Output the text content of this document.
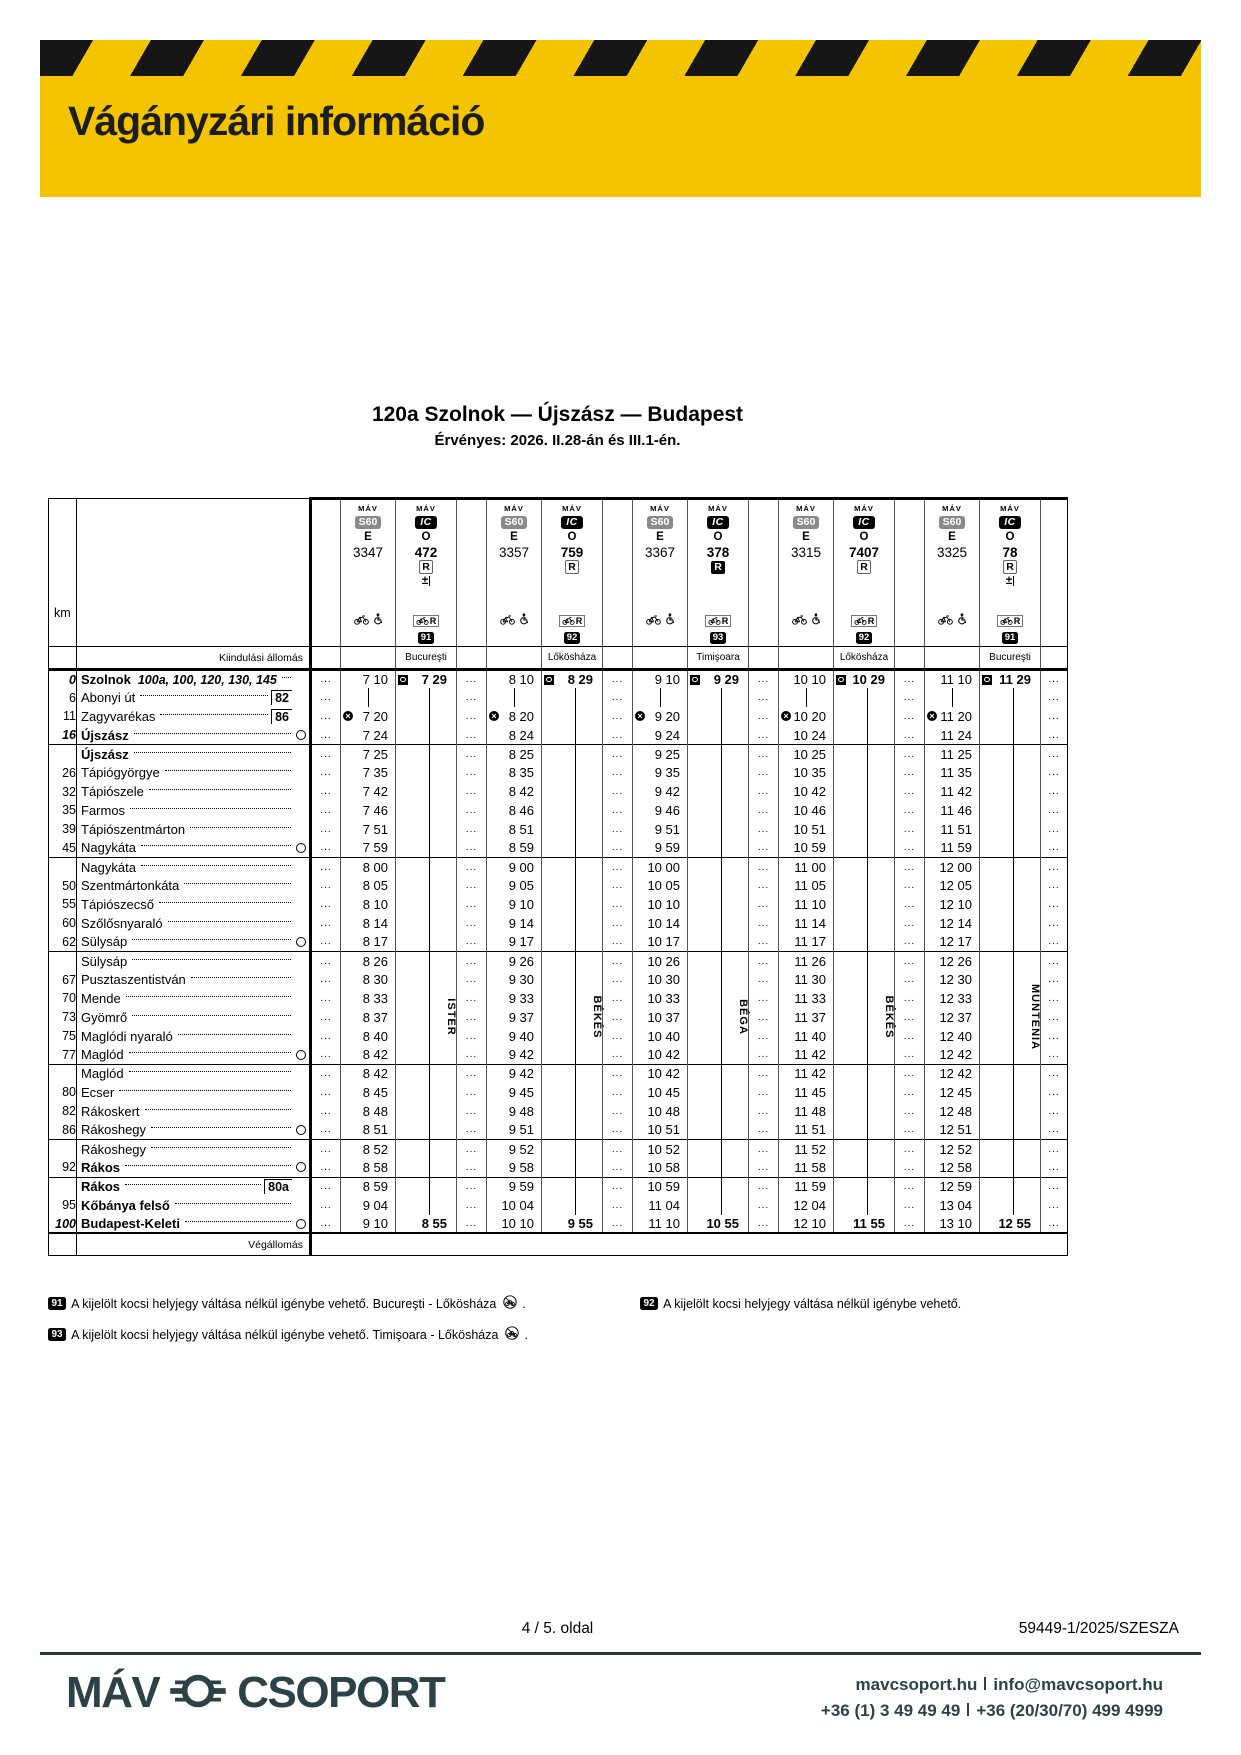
Vágányzári információ
120a Szolnok — Újszász — Budapest
Érvényes: 2026. II.28-án és III.1-én.
km

MÁV
S60
E
3347

MÁV
IC
O
472
R
±
R
91

MÁV
S60
E
3357

MÁV
IC
O
759
R
R
92

MÁV
S60
E
3367

MÁV
IC
O
378
R
R
93

MÁV
S60
E
3315

MÁV
IC
O
7407
R
R
92

MÁV
S60
E
3325

MÁV
IC
O
78
R
±
R
91

	Kiindulási állomás			Bucureşti			Lőkösháza			Timişoara			Lőkösháza			Bucureşti	
0	Szolnok 100a, 100, 120, 130, 145	...	7 10	7 29	...	8 10	8 29	...	9 10	9 29	...	10 10	10 29	...	11 10	11 29	...
6	Abonyi út 82	...			...			...			...			...			...
11	Zagyvarékas 86	...	× 7 20		...	× 8 20		...	× 9 20		...	× 10 20		...	× 11 20		...
16	Újszász	...	7 24		...	8 24		...	9 24		...	10 24		...	11 24		...

	Újszász	...	7 25		...	8 25		...	9 25		...	10 25		...	11 25		...
26	Tápiógyörgye	...	7 35		...	8 35		...	9 35		...	10 35		...	11 35		...
32	Tápiószele	...	7 42		...	8 42		...	9 42		...	10 42		...	11 42		...
35	Farmos	...	7 46		...	8 46		...	9 46		...	10 46		...	11 46		...
39	Tápiószentmárton	...	7 51		...	8 51		...	9 51		...	10 51		...	11 51		...
45	Nagykáta	...	7 59		...	8 59		...	9 59		...	10 59		...	11 59		...

	Nagykáta	...	8 00		...	9 00		...	10 00		...	11 00		...	12 00		...
50	Szentmártonkáta	...	8 05		...	9 05		...	10 05		...	11 05		...	12 05		...
55	Tápiószecső	...	8 10		...	9 10		...	10 10		...	11 10		...	12 10		...
60	Szőlősnyaraló	...	8 14		...	9 14		...	10 14		...	11 14		...	12 14		...
62	Sülysáp	...	8 17		...	9 17		...	10 17		...	11 17		...	12 17		...

	Sülysáp	...	8 26		...	9 26		...	10 26		...	11 26		...	12 26		...
67	Pusztaszentistván	...	8 30		...	9 30		...	10 30		...	11 30		...	12 30		...
70	Mende	...	8 33		...	9 33		...	10 33		...	11 33		...	12 33		...
73	Gyömrő	...	8 37	ISTER	...	9 37	BÉKÉS	...	10 37	BÉGA	...	11 37	BÉKÉS	...	12 37	MUNTENIA	...
75	Maglódi nyaraló	...	8 40		...	9 40		...	10 40		...	11 40		...	12 40		...
77	Maglód	...	8 42		...	9 42		...	10 42		...	11 42		...	12 42		...

	Maglód	...	8 42		...	9 42		...	10 42		...	11 42		...	12 42		...
80	Ecser	...	8 45		...	9 45		...	10 45		...	11 45		...	12 45		...
82	Rákoskert	...	8 48		...	9 48		...	10 48		...	11 48		...	12 48		...
86	Rákoshegy	...	8 51		...	9 51		...	10 51		...	11 51		...	12 51		...

	Rákoshegy	...	8 52		...	9 52		...	10 52		...	11 52		...	12 52		...
92	Rákos	...	8 58		...	9 58		...	10 58		...	11 58		...	12 58		...

	Rákos 80a	...	8 59		...	9 59		...	10 59		...	11 59		...	12 59		...
95	Kőbánya felső	...	9 04		...	10 04		...	11 04		...	12 04		...	13 04		...
100	Budapest-Keleti	...	9 10	8 55	...	10 10	9 55	...	11 10	10 55	...	12 10	11 55	...	13 10	12 55	...
	Végállomás																
91 A kijelölt kocsi helyjegy váltása nélkül igénybe vehető. Bucureşti - Lőkösháza .	92 A kijelölt kocsi helyjegy váltása nélkül igénybe vehető.
93 A kijelölt kocsi helyjegy váltása nélkül igénybe vehető. Timişoara - Lőkösháza .
4 / 5. oldal	59449-1/2025/SZESZA
MÁV CSOPORT	mavcsoport.hu info@mavcsoport.hu
+36 (1) 3 49 49 49 +36 (20/30/70) 499 4999
